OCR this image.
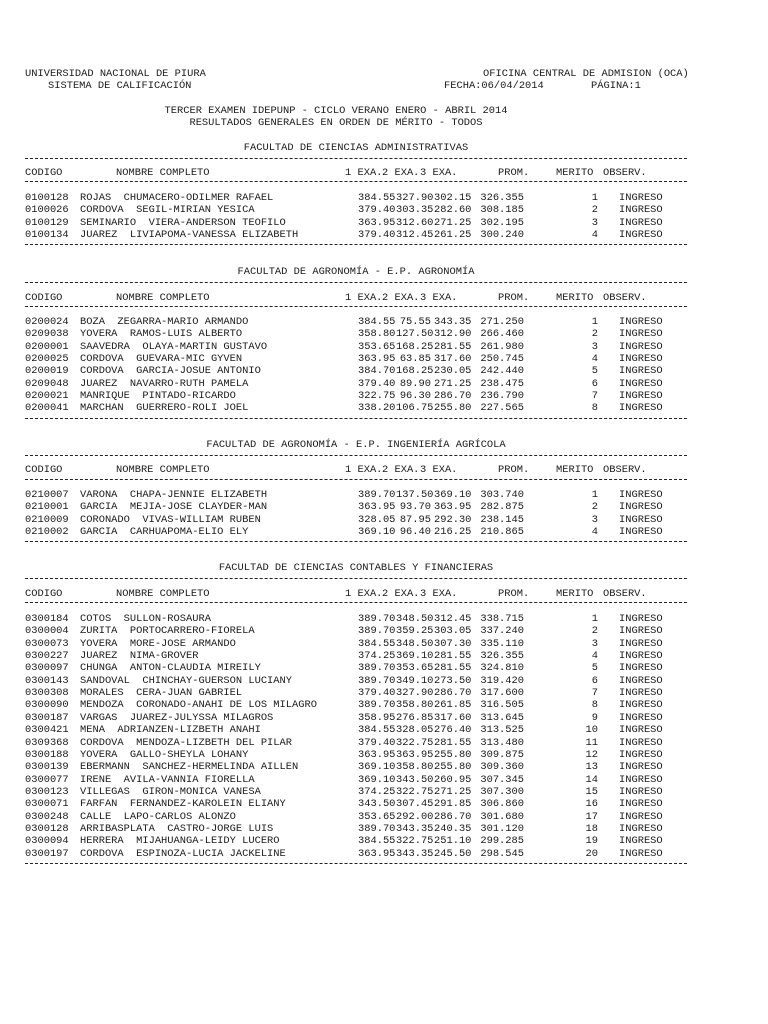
UNIVERSIDAD NACIONAL DE PIURA	OFICINA CENTRAL DE ADMISION (OCA)
SISTEMA DE CALIFICACIÓN	FECHA:06/04/2014	PÁGINA:1
TERCER EXAMEN IDEPUNP - CICLO VERANO ENERO - ABRIL 2014
RESULTADOS GENERALES EN ORDEN DE MÉRITO - TODOS
FACULTAD DE CIENCIAS ADMINISTRATIVAS
CODIGO	NOMBRE COMPLETO	1 EXA. 2 EXA. 3 EXA.	PROM.	MERITO OBSERV.
0100128 ROJAS  CHUMACERO-ODILMER RAFAEL	384.55 327.90 302.15 326.355	1 INGRESO
0100026 CORDOVA  SEGIL-MIRIAN YESICA	379.40 303.35 282.60 308.185	2 INGRESO
0100129 SEMINARIO  VIERA-ANDERSON TEOFILO	363.95 312.60 271.25 302.195	3 INGRESO
0100134 JUAREZ  LIVIAPOMA-VANESSA ELIZABETH	379.40 312.45 261.25 300.240	4 INGRESO
FACULTAD DE AGRONOMÍA - E.P. AGRONOMÍA
CODIGO	NOMBRE COMPLETO	1 EXA. 2 EXA. 3 EXA.	PROM.	MERITO OBSERV.
0200024 BOZA  ZEGARRA-MARIO ARMANDO	384.55 75.55 343.35 271.250	1 INGRESO
0209038 YOVERA  RAMOS-LUIS ALBERTO	358.80 127.50 312.90 266.460	2 INGRESO
0200001 SAAVEDRA  OLAYA-MARTIN GUSTAVO	353.65 168.25 281.55 261.980	3 INGRESO
0200025 CORDOVA  GUEVARA-MIC GYVEN	363.95 63.85 317.60 250.745	4 INGRESO
0200019 CORDOVA  GARCIA-JOSUE ANTONIO	384.70 168.25 230.05 242.440	5 INGRESO
0209048 JUAREZ  NAVARRO-RUTH PAMELA	379.40 89.90 271.25 238.475	6 INGRESO
0200021 MANRIQUE  PINTADO-RICARDO	322.75 96.30 286.70 236.790	7 INGRESO
0200041 MARCHAN  GUERRERO-ROLI JOEL	338.20 106.75 255.80 227.565	8 INGRESO
FACULTAD DE AGRONOMÍA - E.P. INGENIERÍA AGRÍCOLA
CODIGO	NOMBRE COMPLETO	1 EXA. 2 EXA. 3 EXA.	PROM.	MERITO OBSERV.
0210007 VARONA  CHAPA-JENNIE ELIZABETH	389.70 137.50 369.10 303.740	1 INGRESO
0210001 GARCIA  MEJIA-JOSE CLAYDER-MAN	363.95 93.70 363.95 282.875	2 INGRESO
0210009 CORONADO  VIVAS-WILLIAM RUBEN	328.05 87.95 292.30 238.145	3 INGRESO
0210002 GARCIA  CARHUAPOMA-ELIO ELY	369.10 96.40 216.25 210.865	4 INGRESO
FACULTAD DE CIENCIAS CONTABLES Y FINANCIERAS
CODIGO	NOMBRE COMPLETO	1 EXA. 2 EXA. 3 EXA.	PROM.	MERITO OBSERV.
0300184 COTOS  SULLON-ROSAURA	389.70 348.50 312.45 338.715	1 INGRESO
0300004 ZURITA  PORTOCARRERO-FIORELA	389.70 359.25 303.05 337.240	2 INGRESO
0300073 YOVERA  MORE-JOSE ARMANDO	384.55 348.50 307.30 335.110	3 INGRESO
0300227 JUAREZ  NIMA-GROVER	374.25 369.10 281.55 326.355	4 INGRESO
0300097 CHUNGA  ANTON-CLAUDIA MIREILY	389.70 353.65 281.55 324.810	5 INGRESO
0300143 SANDOVAL  CHINCHAY-GUERSON LUCIANY	389.70 349.10 273.50 319.420	6 INGRESO
0300308 MORALES  CERA-JUAN GABRIEL	379.40 327.90 286.70 317.600	7 INGRESO
0300090 MENDOZA  CORONADO-ANAHI DE LOS MILAGRO	389.70 358.80 261.85 316.505	8 INGRESO
0300187 VARGAS  JUAREZ-JULYSSA MILAGROS	358.95 276.85 317.60 313.645	9 INGRESO
0300421 MENA  ADRIANZEN-LIZBETH ANAHI	384.55 328.05 276.40 313.525	10 INGRESO
0309368 CORDOVA  MENDOZA-LIZBETH DEL PILAR	379.40 322.75 281.55 313.480	11 INGRESO
0300188 YOVERA  GALLO-SHEYLA LOHANY	363.95 363.95 255.80 309.875	12 INGRESO
0300139 EBERMANN  SANCHEZ-HERMELINDA AILLEN	369.10 358.80 255.80 309.360	13 INGRESO
0300077 IRENE  AVILA-VANNIA FIORELLA	369.10 343.50 260.95 307.345	14 INGRESO
0300123 VILLEGAS  GIRON-MONICA VANESA	374.25 322.75 271.25 307.300	15 INGRESO
0300071 FARFAN  FERNANDEZ-KAROLEIN ELIANY	343.50 307.45 291.85 306.860	16 INGRESO
0300248 CALLE  LAPO-CARLOS ALONZO	353.65 292.00 286.70 301.680	17 INGRESO
0300128 ARRIBASPLATA  CASTRO-JORGE LUIS	389.70 343.35 240.35 301.120	18 INGRESO
0300094 HERRERA  MIJAHUANGA-LEIDY LUCERO	384.55 322.75 251.10 299.285	19 INGRESO
0300197 CORDOVA  ESPINOZA-LUCIA JACKELINE	363.95 343.35 245.50 298.545	20 INGRESO
